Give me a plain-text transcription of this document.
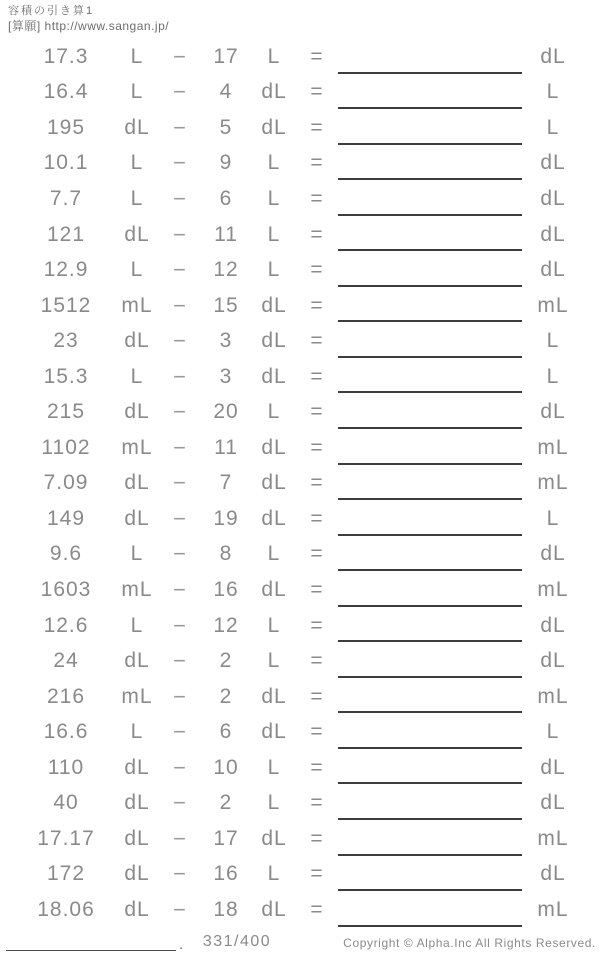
容積の引き算1
[算願] http://www.sangan.jp/
17.3	L	−	17	L	=	dL
16.4	L	−	4	dL	=	L
195	dL	−	5	dL	=	L
10.1	L	−	9	L	=	dL
7.7	L	−	6	L	=	dL
121	dL	−	11	L	=	dL
12.9	L	−	12	L	=	dL
1512	mL −	15	dL	=	mL
23	dL	−	3	dL	=	L
15.3	L	−	3	dL	=	L
215	dL	−	20	L	=	dL
1102	mL −	11	dL	=	mL
7.09	dL	−	7	dL	=	mL
149	dL	−	19	dL	=	L
9.6	L	−	8	L	=	dL
1603	mL −	16	dL	=	mL
12.6	L	−	12	L	=	dL
24	dL	−	2	L	=	dL
216	mL −	2	dL	=	mL
16.6	L	−	6	dL	=	L
110	dL	−	10	L	=	dL
40	dL	−	2	L	=	dL
17.17	dL	−	17	dL	=	mL
172	dL	−	16	L	=	dL
18.06	dL	−	18	dL	=	mL
.	331/400	Copyright © Alpha.Inc All Rights Reserved.
